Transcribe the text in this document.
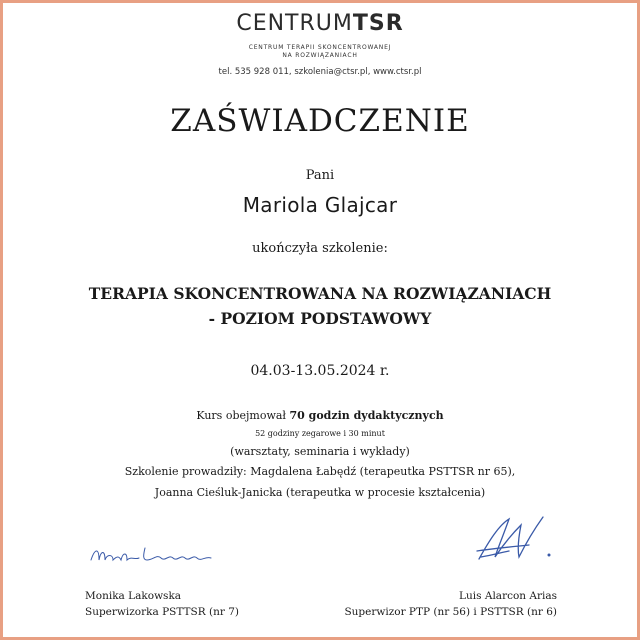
CENTRUMTSR
CENTRUM TERAPII SKONCENTROWANEJ
NA ROZWIĄZANIACH
tel. 535 928 011, szkolenia@ctsr.pl, www.ctsr.pl
ZAŚWIADCZENIE
Pani
Mariola Glajcar
ukończyła szkolenie:
TERAPIA SKONCENTROWANA NA ROZWIĄZANIACH
- POZIOM PODSTAWOWY
04.03-13.05.2024 r.
Kurs obejmował 70 godzin dydaktycznych
52 godziny zegarowe i 30 minut
(warsztaty, seminaria i wykłady)
Szkolenie prowadziły: Magdalena Łabędź (terapeutka PSTTSR nr 65),
Joanna Cieśluk-Janicka (terapeutka w procesie kształcenia)
Monika Lakowska
Superwizorka PSTTSR (nr 7)
Luis Alarcon Arias
Superwizor PTP (nr 56) i PSTTSR (nr 6)
